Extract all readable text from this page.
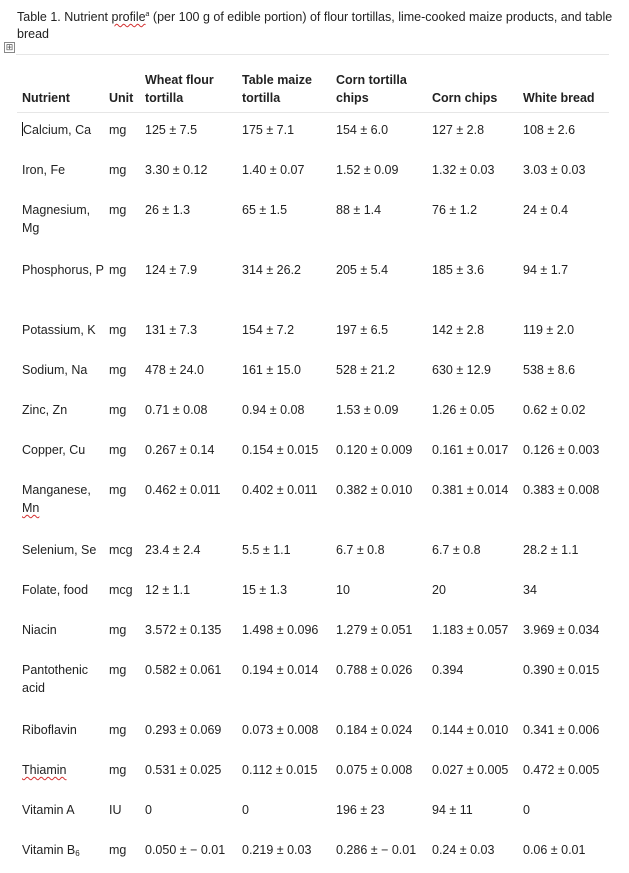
Table 1. Nutrient profile$^a$ (per 100 g of edible portion) of flour tortillas, lime-cooked maize products, and table bread
⊞
Nutrient	Unit	Wheat flour tortilla	Table maize tortilla	Corn tortilla chips	Corn chips	White bread
Calcium, Ca	mg	125 ± 7.5	175 ± 7.1	154 ± 6.0	127 ± 2.8	108 ± 2.6
Iron, Fe	mg	3.30 ± 0.12	1.40 ± 0.07	1.52 ± 0.09	1.32 ± 0.03	3.03 ± 0.03
Magnesium, Mg	mg	26 ± 1.3	65 ± 1.5	88 ± 1.4	76 ± 1.2	24 ± 0.4
Phosphorus, P	mg	124 ± 7.9	314 ± 26.2	205 ± 5.4	185 ± 3.6	94 ± 1.7
Potassium, K	mg	131 ± 7.3	154 ± 7.2	197 ± 6.5	142 ± 2.8	119 ± 2.0
Sodium, Na	mg	478 ± 24.0	161 ± 15.0	528 ± 21.2	630 ± 12.9	538 ± 8.6
Zinc, Zn	mg	0.71 ± 0.08	0.94 ± 0.08	1.53 ± 0.09	1.26 ± 0.05	0.62 ± 0.02
Copper, Cu	mg	0.267 ± 0.14	0.154 ± 0.015	0.120 ± 0.009	0.161 ± 0.017	0.126 ± 0.003
Manganese, Mn	mg	0.462 ± 0.011	0.402 ± 0.011	0.382 ± 0.010	0.381 ± 0.014	0.383 ± 0.008
Selenium, Se	mcg	23.4 ± 2.4	5.5 ± 1.1	6.7 ± 0.8	6.7 ± 0.8	28.2 ± 1.1
Folate, food	mcg	12 ± 1.1	15 ± 1.3	10	20	34
Niacin	mg	3.572 ± 0.135	1.498 ± 0.096	1.279 ± 0.051	1.183 ± 0.057	3.969 ± 0.034
Pantothenic acid	mg	0.582 ± 0.061	0.194 ± 0.014	0.788 ± 0.026	0.394	0.390 ± 0.015
Riboflavin	mg	0.293 ± 0.069	0.073 ± 0.008	0.184 ± 0.024	0.144 ± 0.010	0.341 ± 0.006
Thiamin	mg	0.531 ± 0.025	0.112 ± 0.015	0.075 ± 0.008	0.027 ± 0.005	0.472 ± 0.005
Vitamin A	IU	0	0	196 ± 23	94 ± 11	0
Vitamin $B_6$	mg	0.050 ± − 0.01	0.219 ± 0.03	0.286 ± − 0.01	0.24 ± 0.03	0.06 ± 0.01
